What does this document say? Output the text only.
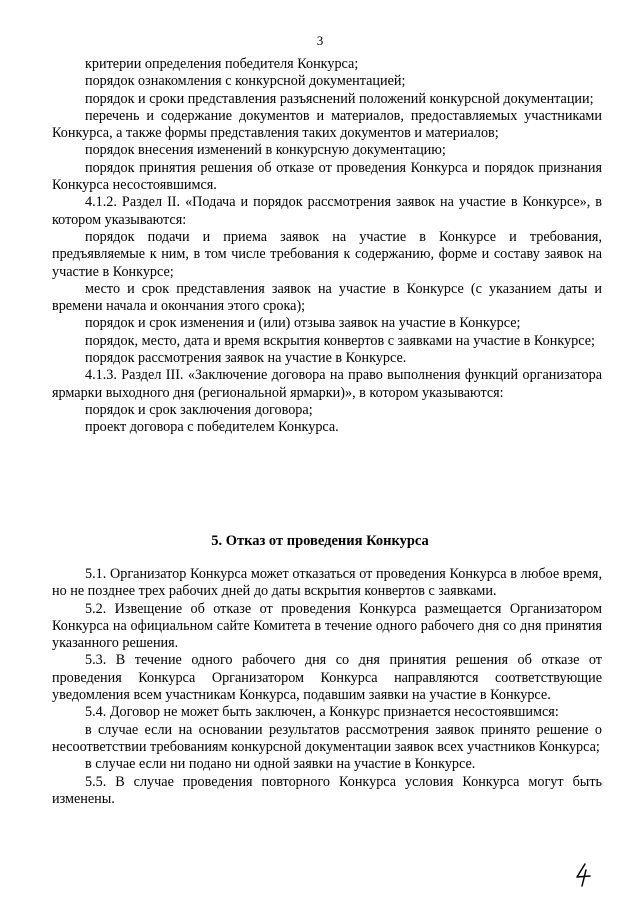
3

критерии определения победителя Конкурса;

порядок ознакомления с конкурсной документацией;

порядок и сроки представления разъяснений положений конкурсной документации;

перечень и содержание документов и материалов, предоставляемых участниками Конкурса, а также формы представления таких документов и материалов;

порядок внесения изменений в конкурсную документацию;

порядок принятия решения об отказе от проведения Конкурса и порядок признания Конкурса несостоявшимся.

4.1.2. Раздел II. «Подача и порядок рассмотрения заявок на участие в Конкурсе», в котором указываются:

порядок подачи и приема заявок на участие в Конкурсе и требования, предъявляемые к ним, в том числе требования к содержанию, форме и составу заявок на участие в Конкурсе;

место и срок представления заявок на участие в Конкурсе (с указанием даты и времени начала и окончания этого срока);

порядок и срок изменения и (или) отзыва заявок на участие в Конкурсе;

порядок, место, дата и время вскрытия конвертов с заявками на участие в Конкурсе;

порядок рассмотрения заявок на участие в Конкурсе.

4.1.3. Раздел III. «Заключение договора на право выполнения функций организатора ярмарки выходного дня (региональной ярмарки)», в котором указываются:

порядок и срок заключения договора;

проект договора с победителем Конкурса.

5. Отказ от проведения Конкурса

5.1. Организатор Конкурса может отказаться от проведения Конкурса в любое время, но не позднее трех рабочих дней до даты вскрытия конвертов с заявками.

5.2. Извещение об отказе от проведения Конкурса размещается Организатором Конкурса на официальном сайте Комитета в течение одного рабочего дня со дня принятия указанного решения.

5.3. В течение одного рабочего дня со дня принятия решения об отказе от проведения Конкурса Организатором Конкурса направляются соответствующие уведомления всем участникам Конкурса, подавшим заявки на участие в Конкурсе.

5.4. Договор не может быть заключен, а Конкурс признается несостоявшимся:

в случае если на основании результатов рассмотрения заявок принято решение о несоответствии требованиям конкурсной документации заявок всех участников Конкурса;

в случае если ни подано ни одной заявки на участие в Конкурсе.

5.5. В случае проведения повторного Конкурса условия Конкурса могут быть изменены.
